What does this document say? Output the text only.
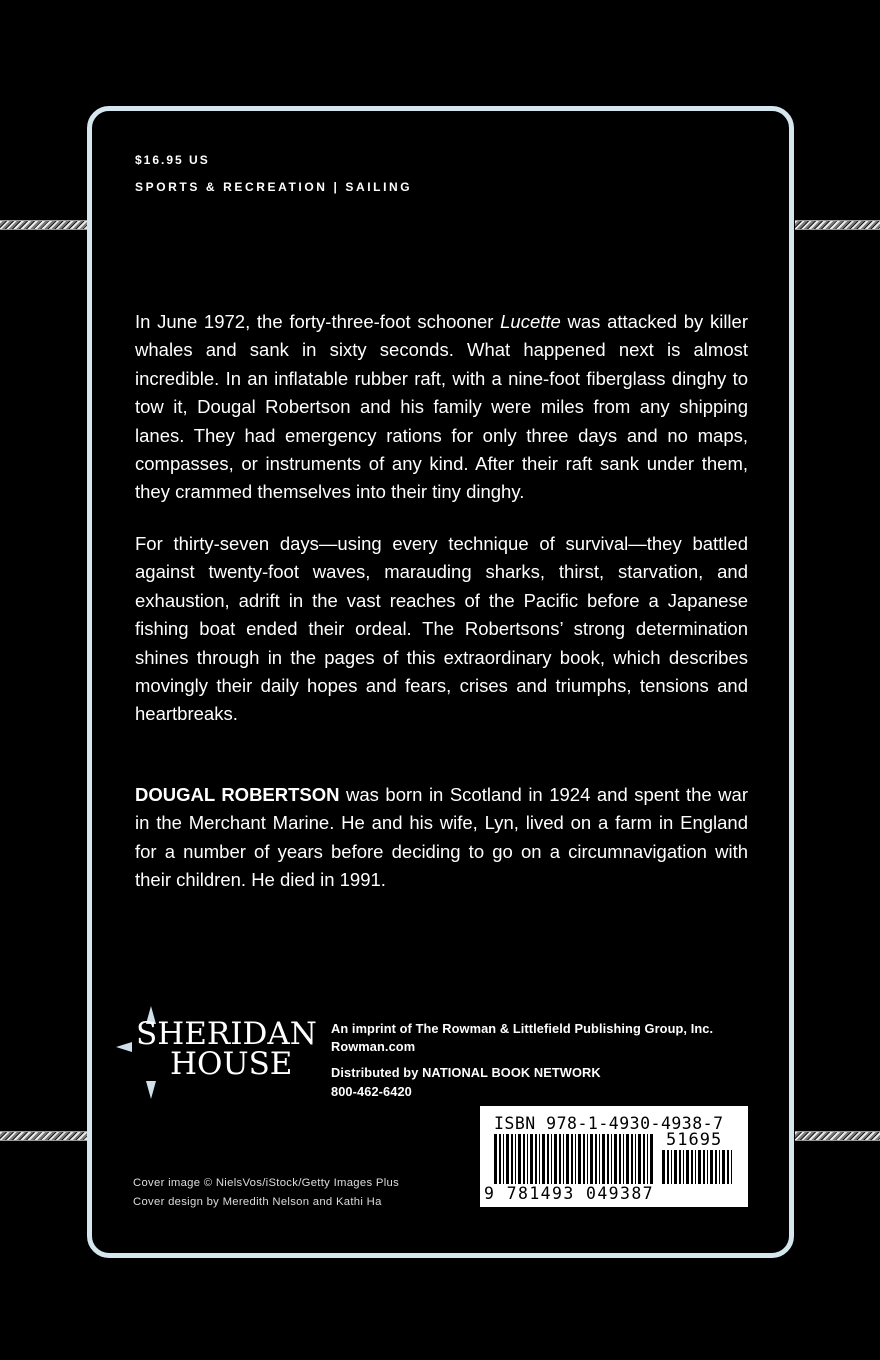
$16.95 US
SPORTS & RECREATION | SAILING

In June 1972, the forty-three-foot schooner Lucette was attacked by killer whales and sank in sixty seconds. What happened next is almost incredible. In an inflatable rubber raft, with a nine-foot fiberglass dinghy to tow it, Dougal Robertson and his family were miles from any shipping lanes. They had emergency rations for only three days and no maps, compasses, or instruments of any kind. After their raft sank under them, they crammed themselves into their tiny dinghy.

For thirty-seven days—using every technique of survival—they battled against twenty-foot waves, marauding sharks, thirst, starvation, and exhaustion, adrift in the vast reaches of the Pacific before a Japanese fishing boat ended their ordeal. The Robertsons’ strong determination shines through in the pages of this extraordinary book, which describes movingly their daily hopes and fears, crises and triumphs, tensions and heartbreaks.

DOUGAL ROBERTSON was born in Scotland in 1924 and spent the war in the Merchant Marine. He and his wife, Lyn, lived on a farm in England for a number of years before deciding to go on a circumnavigation with their children. He died in 1991.

SHERIDAN
HOUSE
An imprint of The Rowman & Littlefield Publishing Group, Inc.
Rowman.com
Distributed by NATIONAL BOOK NETWORK
800-462-6420
Cover image © NielsVos/iStock/Getty Images Plus
Cover design by Meredith Nelson and Kathi Ha
ISBN 978-1-4930-4938-7
51695
9 781493 049387
